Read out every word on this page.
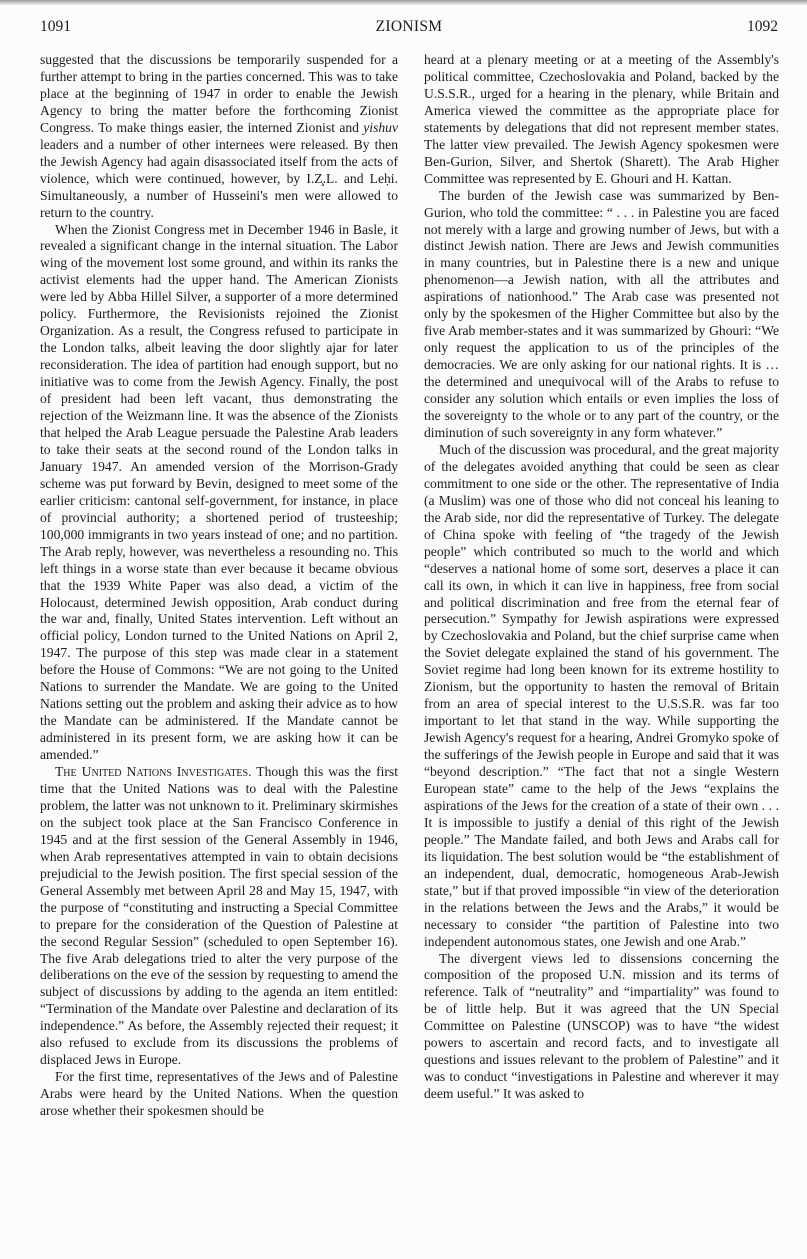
1091	ZIONISM	1092

suggested that the discussions be temporarily suspended for a further attempt to bring in the parties concerned. This was to take place at the beginning of 1947 in order to enable the Jewish Agency to bring the matter before the forthcoming Zionist Congress. To make things easier, the interned Zionist and yishuv leaders and a number of other internees were released. By then the Jewish Agency had again disassociated itself from the acts of violence, which were continued, however, by I.Z̧.L. and Leḥi. Simultaneously, a number of Husseini's men were allowed to return to the country.

When the Zionist Congress met in December 1946 in Basle, it revealed a significant change in the internal situation. The Labor wing of the movement lost some ground, and within its ranks the activist elements had the upper hand. The American Zionists were led by Abba Hillel Silver, a supporter of a more determined policy. Furthermore, the Revisionists rejoined the Zionist Organization. As a result, the Congress refused to participate in the London talks, albeit leaving the door slightly ajar for later reconsideration. The idea of partition had enough support, but no initiative was to come from the Jewish Agency. Finally, the post of president had been left vacant, thus demonstrating the rejection of the Weizmann line. It was the absence of the Zionists that helped the Arab League persuade the Palestine Arab leaders to take their seats at the second round of the London talks in January 1947. An amended version of the Morrison-Grady scheme was put forward by Bevin, designed to meet some of the earlier criticism: cantonal self-government, for instance, in place of provincial authority; a shortened period of trusteeship; 100,000 immigrants in two years instead of one; and no partition. The Arab reply, however, was nevertheless a resounding no. This left things in a worse state than ever because it became obvious that the 1939 White Paper was also dead, a victim of the Holocaust, determined Jewish opposition, Arab conduct during the war and, finally, United States intervention. Left without an official policy, London turned to the United Nations on April 2, 1947. The purpose of this step was made clear in a statement before the House of Commons: “We are not going to the United Nations to surrender the Mandate. We are going to the United Nations setting out the problem and asking their advice as to how the Mandate can be administered. If the Mandate cannot be administered in its present form, we are asking how it can be amended.”

The United Nations Investigates. Though this was the first time that the United Nations was to deal with the Palestine problem, the latter was not unknown to it. Preliminary skirmishes on the subject took place at the San Francisco Conference in 1945 and at the first session of the General Assembly in 1946, when Arab representatives attempted in vain to obtain decisions prejudicial to the Jewish position. The first special session of the General Assembly met between April 28 and May 15, 1947, with the purpose of “constituting and instructing a Special Committee to prepare for the consideration of the Question of Palestine at the second Regular Session” (scheduled to open September 16). The five Arab delegations tried to alter the very purpose of the deliberations on the eve of the session by requesting to amend the subject of discussions by adding to the agenda an item entitled: “Termination of the Mandate over Palestine and declaration of its independence.” As before, the Assembly rejected their request; it also refused to exclude from its discussions the problems of displaced Jews in Europe.

For the first time, representatives of the Jews and of Palestine Arabs were heard by the United Nations. When the question arose whether their spokesmen should be

heard at a plenary meeting or at a meeting of the Assembly's political committee, Czechoslovakia and Poland, backed by the U.S.S.R., urged for a hearing in the plenary, while Britain and America viewed the committee as the appropriate place for statements by delegations that did not represent member states. The latter view prevailed. The Jewish Agency spokesmen were Ben-Gurion, Silver, and Shertok (Sharett). The Arab Higher Committee was represented by E. Ghouri and H. Kattan.

The burden of the Jewish case was summarized by Ben-Gurion, who told the committee: “ . . . in Palestine you are faced not merely with a large and growing number of Jews, but with a distinct Jewish nation. There are Jews and Jewish communities in many countries, but in Palestine there is a new and unique phenomenon—a Jewish nation, with all the attributes and aspirations of nationhood.” The Arab case was presented not only by the spokesmen of the Higher Committee but also by the five Arab member-states and it was summarized by Ghouri: “We only request the application to us of the principles of the democracies. We are only asking for our national rights. It is … the determined and unequivocal will of the Arabs to refuse to consider any solution which entails or even implies the loss of the sovereignty to the whole or to any part of the country, or the diminution of such sovereignty in any form whatever.”

Much of the discussion was procedural, and the great majority of the delegates avoided anything that could be seen as clear commitment to one side or the other. The representative of India (a Muslim) was one of those who did not conceal his leaning to the Arab side, nor did the representative of Turkey. The delegate of China spoke with feeling of “the tragedy of the Jewish people” which contributed so much to the world and which “deserves a national home of some sort, deserves a place it can call its own, in which it can live in happiness, free from social and political discrimination and free from the eternal fear of persecution.” Sympathy for Jewish aspirations were expressed by Czechoslovakia and Poland, but the chief surprise came when the Soviet delegate explained the stand of his government. The Soviet regime had long been known for its extreme hostility to Zionism, but the opportunity to hasten the removal of Britain from an area of special interest to the U.S.S.R. was far too important to let that stand in the way. While supporting the Jewish Agency's request for a hearing, Andrei Gromyko spoke of the sufferings of the Jewish people in Europe and said that it was “beyond description.” “The fact that not a single Western European state” came to the help of the Jews “explains the aspirations of the Jews for the creation of a state of their own . . . It is impossible to justify a denial of this right of the Jewish people.” The Mandate failed, and both Jews and Arabs call for its liquidation. The best solution would be “the establishment of an independent, dual, democratic, homogeneous Arab-Jewish state,” but if that proved impossible “in view of the deterioration in the relations between the Jews and the Arabs,” it would be necessary to consider “the partition of Palestine into two independent autonomous states, one Jewish and one Arab.”

The divergent views led to dissensions concerning the composition of the proposed U.N. mission and its terms of reference. Talk of “neutrality” and “impartiality” was found to be of little help. But it was agreed that the UN Special Committee on Palestine (UNSCOP) was to have “the widest powers to ascertain and record facts, and to investigate all questions and issues relevant to the problem of Palestine” and it was to conduct “investigations in Palestine and wherever it may deem useful.” It was asked to
